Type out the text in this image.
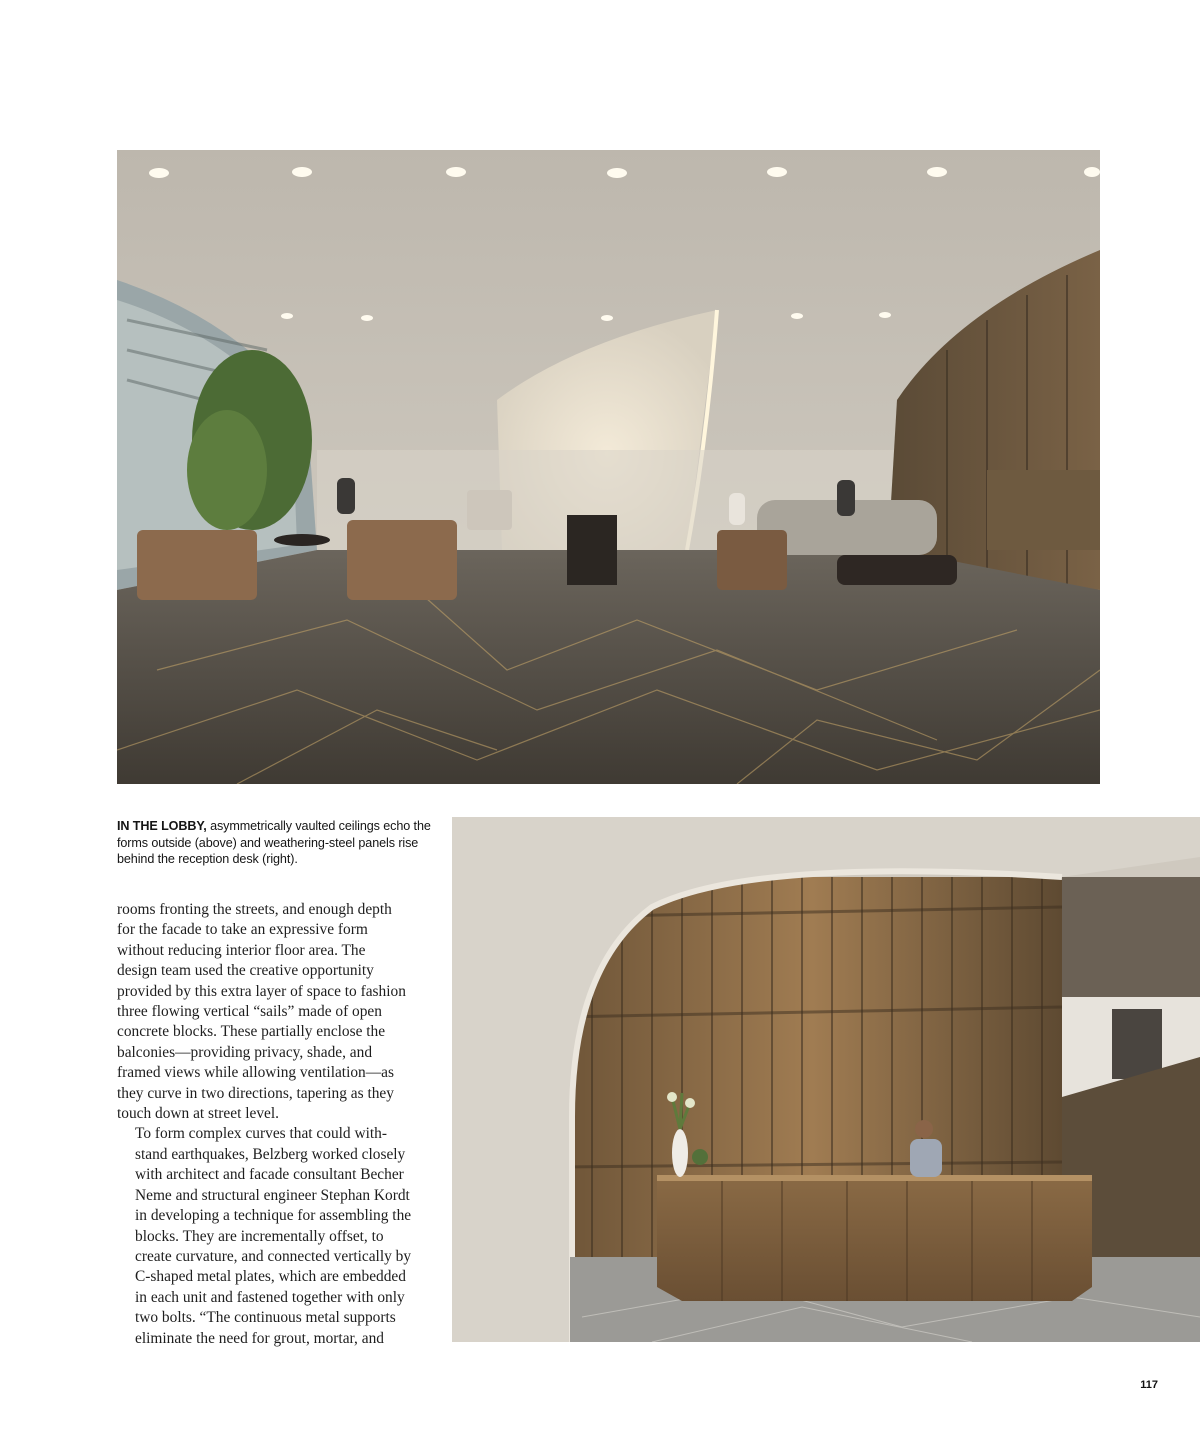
IN THE LOBBY, asymmetrically vaulted ceilings echo the forms outside (above) and weathering-steel panels rise behind the reception desk (right).

rooms fronting the streets, and enough depth
for the facade to take an expressive form
without reducing interior floor area. The
design team used the creative opportunity
provided by this extra layer of space to fashion
three flowing vertical “sails” made of open
concrete blocks. These partially enclose the
balconies—providing privacy, shade, and
framed views while allowing ventilation—as
they curve in two directions, tapering as they
touch down at street level.

To form complex curves that could with-
stand earthquakes, Belzberg worked closely
with architect and facade consultant Becher
Neme and structural engineer Stephan Kordt
in developing a technique for assembling the
blocks. They are incrementally offset, to
create curvature, and connected vertically by
C-shaped metal plates, which are embedded
in each unit and fastened together with only
two bolts. “The continuous metal supports
eliminate the need for grout, mortar, and

117
